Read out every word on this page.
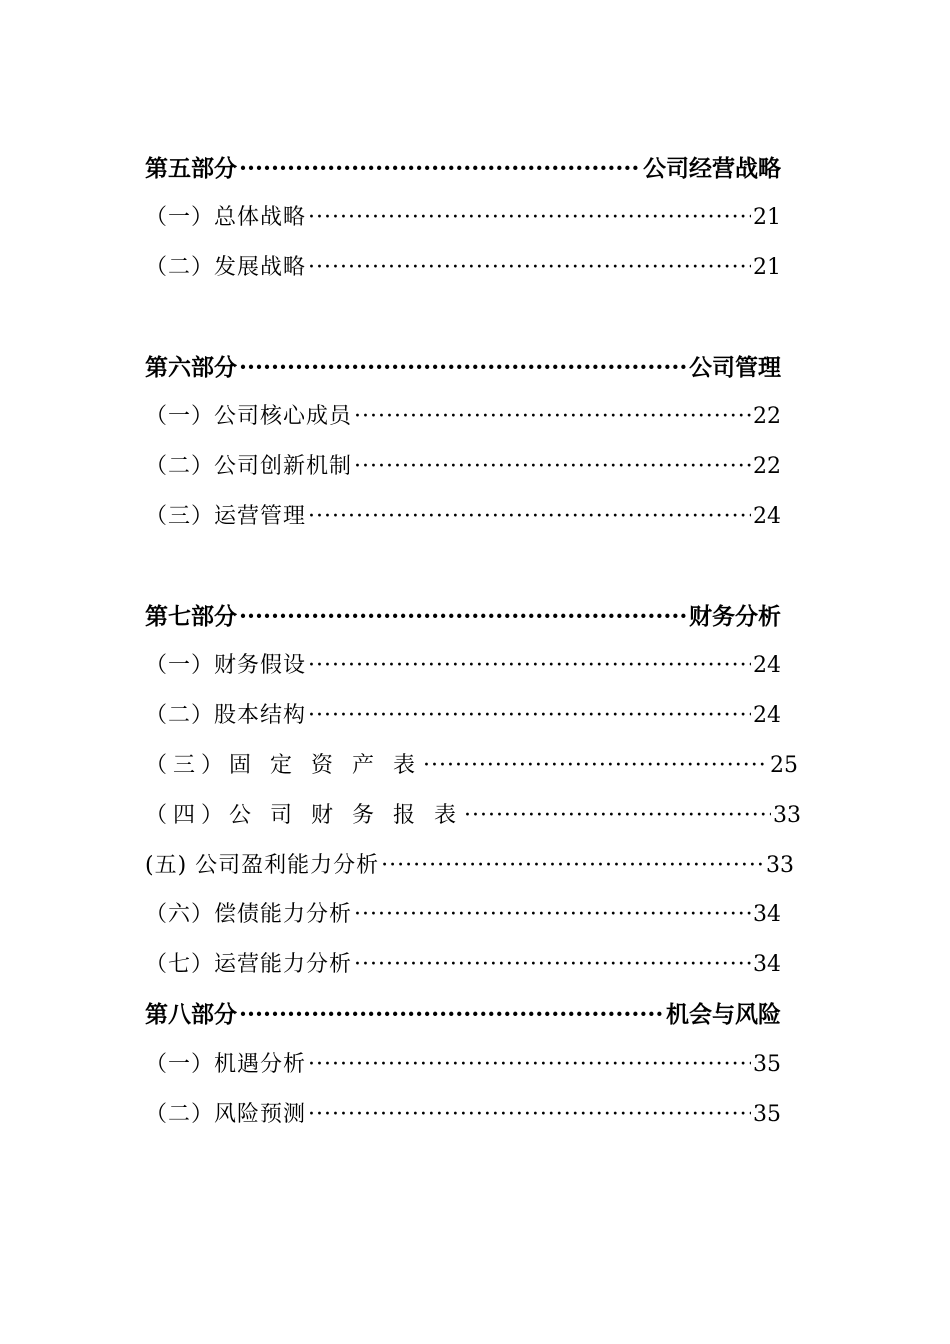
第五部分 ·····	公司经营战略
（一）总体战略 ·····	21
（二）发展战略 ·····	21
第六部分 ·····	公司管理
（一）公司核心成员 ·····	22
（二）公司创新机制 ·····	22
（三）运营管理 ·····	24
第七部分 ·····	财务分析
（一）财务假设 ·····	24
（二）股本结构 ·····	24
（三）固 定 资 产 表 ·····	25
（四）公 司 财 务 报 表 ·····	33
(五) 公司盈利能力分析 ·····	33
（六）偿债能力分析 ·····	34
（七）运营能力分析 ·····	34
第八部分 ·····	机会与风险
（一）机遇分析 ·····	35
（二）风险预测 ·····	35
